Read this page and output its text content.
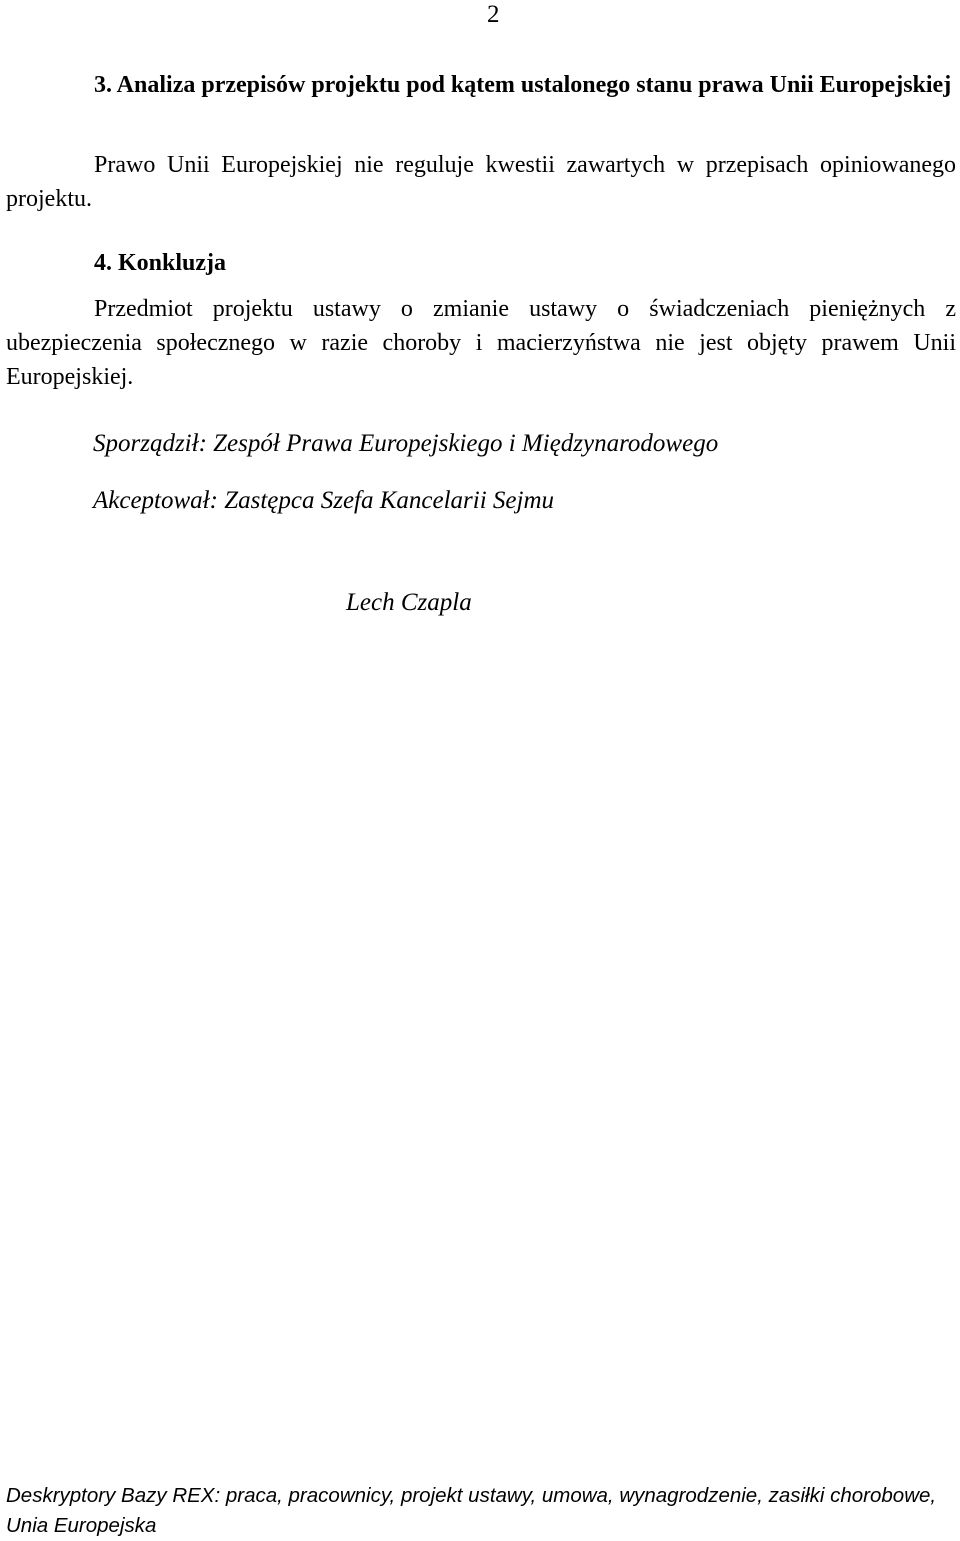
2

3. Analiza przepisów projektu pod kątem ustalonego stanu prawa Unii Europejskiej

Prawo Unii Europejskiej nie reguluje kwestii zawartych w przepisach opiniowanego projektu.

4. Konkluzja

Przedmiot projektu ustawy o zmianie ustawy o świadczeniach pieniężnych z ubezpieczenia społecznego w razie choroby i macierzyństwa nie jest objęty prawem Unii Europejskiej.

Sporządził: Zespół Prawa Europejskiego i Międzynarodowego
Akceptował: Zastępca Szefa Kancelarii Sejmu
Lech Czapla

Deskryptory Bazy REX: praca, pracownicy, projekt ustawy, umowa, wynagrodzenie, zasiłki chorobowe, Unia Europejska
